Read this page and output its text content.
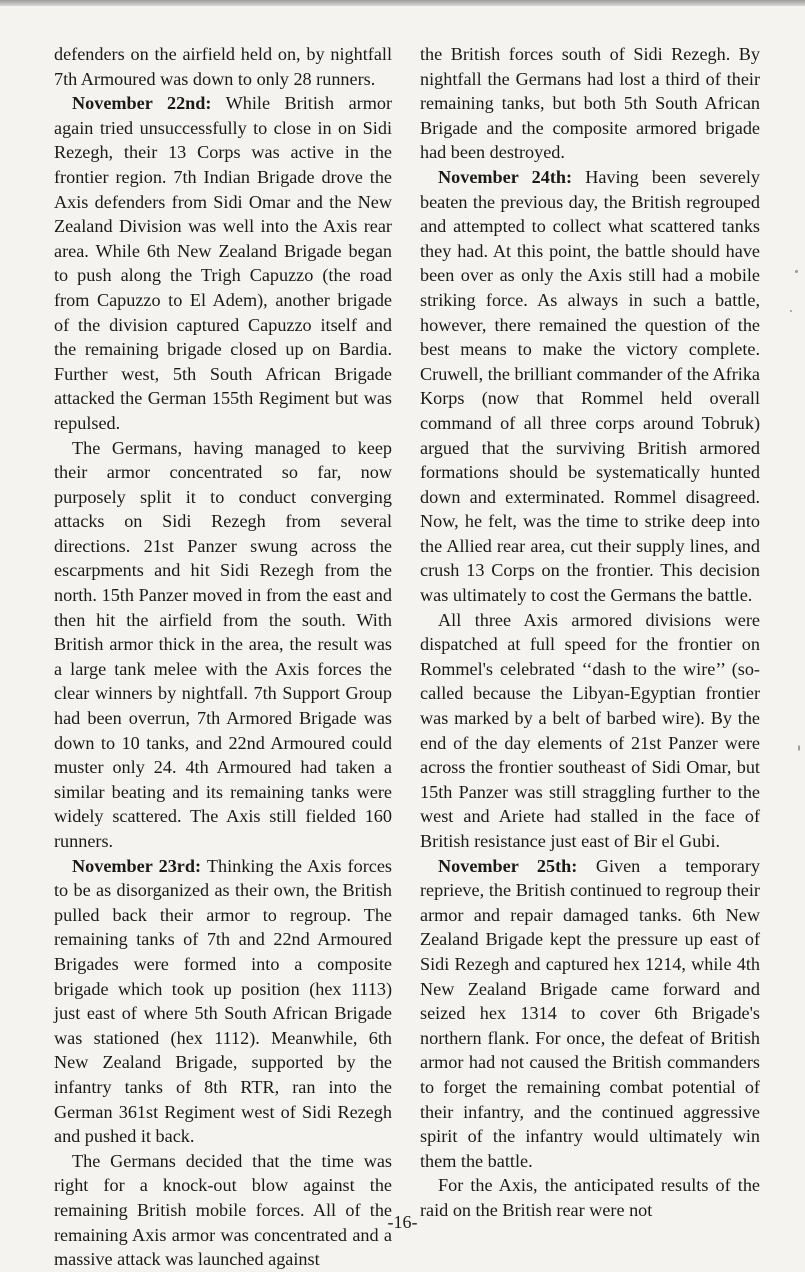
defenders on the airfield held on, by nightfall 7th Armoured was down to only 28 runners.

November 22nd: While British armor again tried unsuccessfully to close in on Sidi Rezegh, their 13 Corps was active in the frontier region. 7th Indian Brigade drove the Axis defenders from Sidi Omar and the New Zealand Division was well into the Axis rear area. While 6th New Zealand Brigade began to push along the Trigh Capuzzo (the road from Capuzzo to El Adem), another brigade of the division captured Capuzzo itself and the remaining brigade closed up on Bardia. Further west, 5th South African Brigade attacked the German 155th Regiment but was repulsed.

The Germans, having managed to keep their armor concentrated so far, now purposely split it to conduct converging attacks on Sidi Rezegh from several directions. 21st Panzer swung across the escarpments and hit Sidi Rezegh from the north. 15th Panzer moved in from the east and then hit the airfield from the south. With British armor thick in the area, the result was a large tank melee with the Axis forces the clear winners by nightfall. 7th Support Group had been overrun, 7th Armored Brigade was down to 10 tanks, and 22nd Armoured could muster only 24. 4th Armoured had taken a similar beating and its remaining tanks were widely scattered. The Axis still fielded 160 runners.

November 23rd: Thinking the Axis forces to be as disorganized as their own, the British pulled back their armor to regroup. The remaining tanks of 7th and 22nd Armoured Brigades were formed into a composite brigade which took up position (hex 1113) just east of where 5th South African Brigade was stationed (hex 1112). Meanwhile, 6th New Zealand Brigade, supported by the infantry tanks of 8th RTR, ran into the German 361st Regiment west of Sidi Rezegh and pushed it back.

The Germans decided that the time was right for a knock-out blow against the remaining British mobile forces. All of the remaining Axis armor was concentrated and a massive attack was launched against

the British forces south of Sidi Rezegh. By nightfall the Germans had lost a third of their remaining tanks, but both 5th South African Brigade and the composite armored brigade had been destroyed.

November 24th: Having been severely beaten the previous day, the British regrouped and attempted to collect what scattered tanks they had. At this point, the battle should have been over as only the Axis still had a mobile striking force. As always in such a battle, however, there remained the question of the best means to make the victory complete. Cruwell, the brilliant commander of the Afrika Korps (now that Rommel held overall command of all three corps around Tobruk) argued that the surviving British armored formations should be systematically hunted down and exterminated. Rommel disagreed. Now, he felt, was the time to strike deep into the Allied rear area, cut their supply lines, and crush 13 Corps on the frontier. This decision was ultimately to cost the Germans the battle.

All three Axis armored divisions were dispatched at full speed for the frontier on Rommel's celebrated ‘‘dash to the wire’’ (so-called because the Libyan-Egyptian frontier was marked by a belt of barbed wire). By the end of the day elements of 21st Panzer were across the frontier southeast of Sidi Omar, but 15th Panzer was still straggling further to the west and Ariete had stalled in the face of British resistance just east of Bir el Gubi.

November 25th: Given a temporary reprieve, the British continued to regroup their armor and repair damaged tanks. 6th New Zealand Brigade kept the pressure up east of Sidi Rezegh and captured hex 1214, while 4th New Zealand Brigade came forward and seized hex 1314 to cover 6th Brigade's northern flank. For once, the defeat of British armor had not caused the British commanders to forget the remaining combat potential of their infantry, and the continued aggressive spirit of the infantry would ultimately win them the battle.

For the Axis, the anticipated results of the raid on the British rear were not

-16-
